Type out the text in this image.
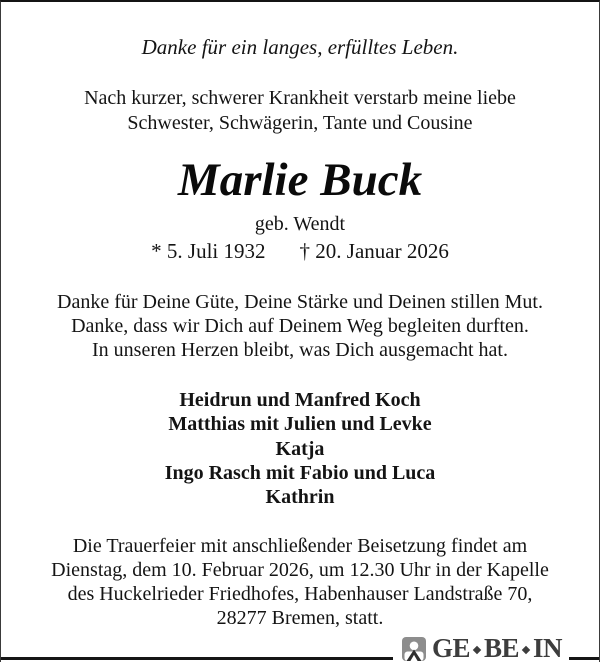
Danke für ein langes, erfülltes Leben.
Nach kurzer, schwerer Krankheit verstarb meine liebe
Schwester, Schwägerin, Tante und Cousine
Marlie Buck
geb. Wendt
* 5. Juli 1932 † 20. Januar 2026
Danke für Deine Güte, Deine Stärke und Deinen stillen Mut.
Danke, dass wir Dich auf Deinem Weg begleiten durften.
In unseren Herzen bleibt, was Dich ausgemacht hat.
Heidrun und Manfred Koch
Matthias mit Julien und Levke
Katja
Ingo Rasch mit Fabio und Luca
Kathrin
Die Trauerfeier mit anschließender Beisetzung findet am
Dienstag, dem 10. Februar 2026, um 12.30 Uhr in der Kapelle
des Huckelrieder Friedhofes, Habenhauser Landstraße 70,
28277 Bremen, statt.
GE BE IN
